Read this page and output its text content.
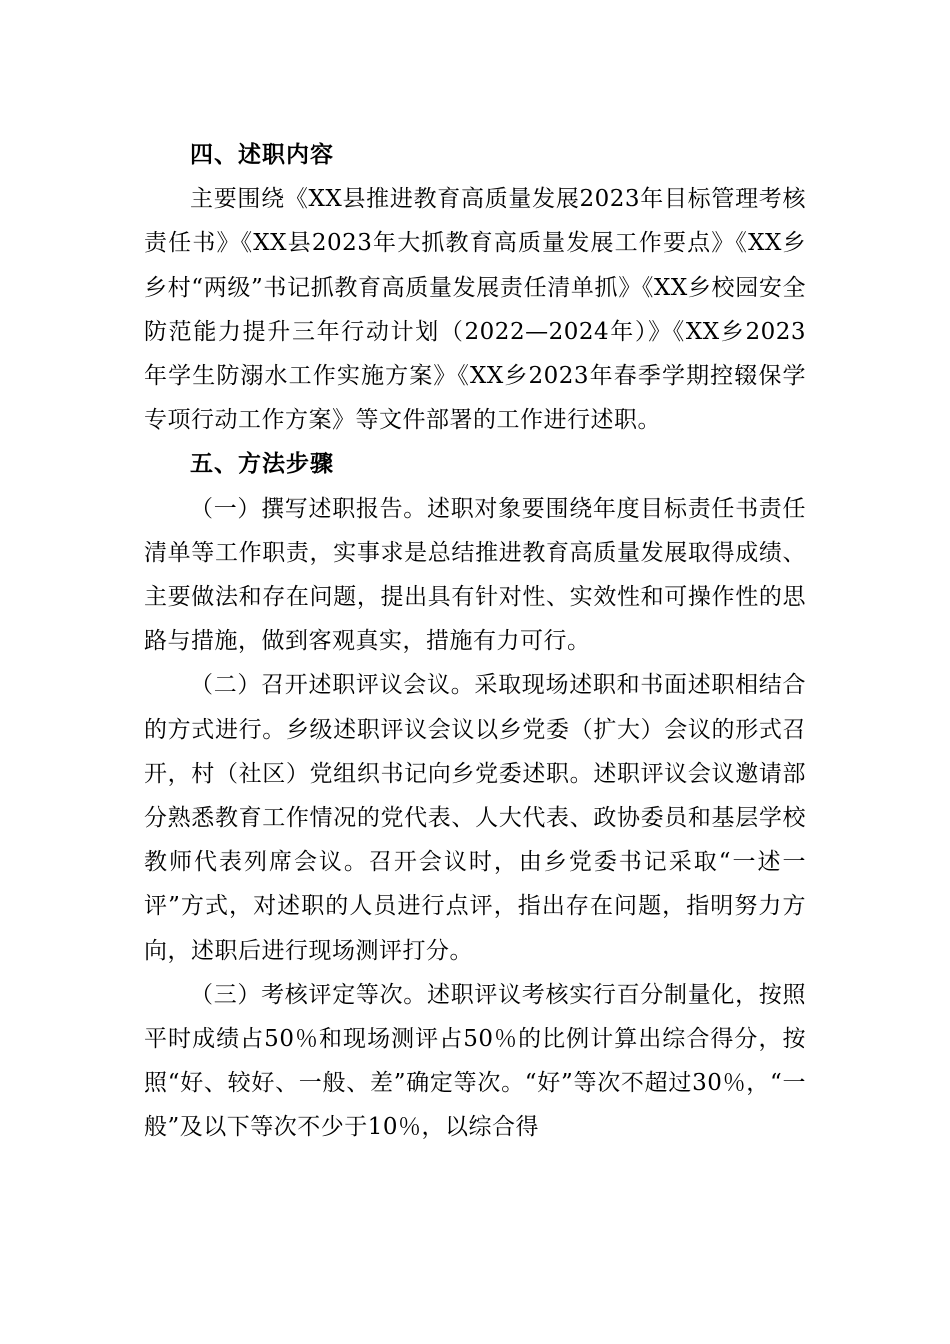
四、述职内容

主要围绕《XX县推进教育高质量发展2023年目标管理考核责任书》《XX县2023年大抓教育高质量发展工作要点》《XX乡乡村“两级”书记抓教育高质量发展责任清单抓》《XX乡校园安全防范能力提升三年行动计划（2022—2024年）》《XX乡2023年学生防溺水工作实施方案》《XX乡2023年春季学期控辍保学专项行动工作方案》等文件部署的工作进行述职。

五、方法步骤

（一）撰写述职报告。述职对象要围绕年度目标责任书责任清单等工作职责，实事求是总结推进教育高质量发展取得成绩、主要做法和存在问题，提出具有针对性、实效性和可操作性的思路与措施，做到客观真实，措施有力可行。

（二）召开述职评议会议。采取现场述职和书面述职相结合的方式进行。乡级述职评议会议以乡党委（扩大）会议的形式召开，村（社区）党组织书记向乡党委述职。述职评议会议邀请部分熟悉教育工作情况的党代表、人大代表、政协委员和基层学校教师代表列席会议。召开会议时，由乡党委书记采取“一述一评”方式，对述职的人员进行点评，指出存在问题，指明努力方向，述职后进行现场测评打分。

（三）考核评定等次。述职评议考核实行百分制量化，按照平时成绩占50％和现场测评占50％的比例计算出综合得分，按照“好、较好、一般、差”确定等次。“好”等次不超过30％，“一般”及以下等次不少于10％，以综合得
